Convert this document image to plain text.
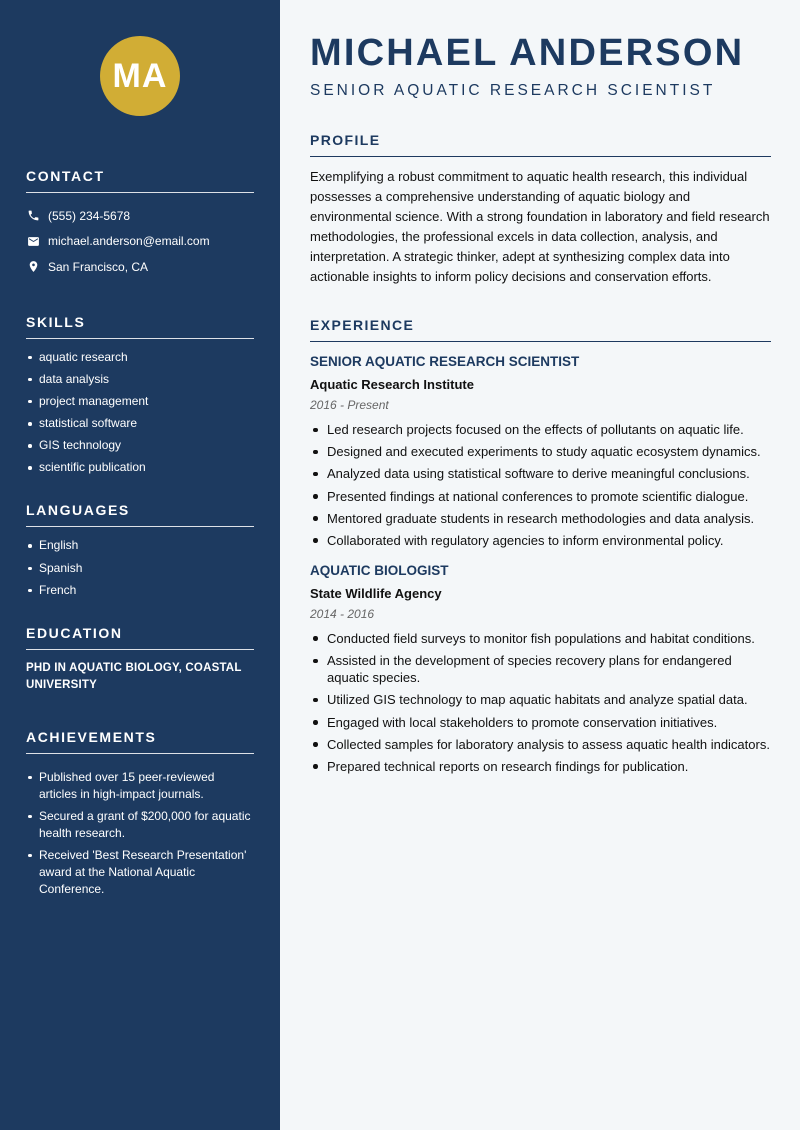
MA
CONTACT
(555) 234-5678
michael.anderson@email.com
San Francisco, CA
SKILLS
aquatic research
data analysis
project management
statistical software
GIS technology
scientific publication
LANGUAGES
English
Spanish
French
EDUCATION
PHD IN AQUATIC BIOLOGY, COASTAL UNIVERSITY
ACHIEVEMENTS
Published over 15 peer-reviewed articles in high-impact journals.
Secured a grant of $200,000 for aquatic health research.
Received 'Best Research Presentation' award at the National Aquatic Conference.
MICHAEL ANDERSON
SENIOR AQUATIC RESEARCH SCIENTIST
PROFILE

Exemplifying a robust commitment to aquatic health research, this individual possesses a comprehensive understanding of aquatic biology and environmental science. With a strong foundation in laboratory and field research methodologies, the professional excels in data collection, analysis, and interpretation. A strategic thinker, adept at synthesizing complex data into actionable insights to inform policy decisions and conservation efforts.

EXPERIENCE
SENIOR AQUATIC RESEARCH SCIENTIST
Aquatic Research Institute
2016 - Present
Led research projects focused on the effects of pollutants on aquatic life.
Designed and executed experiments to study aquatic ecosystem dynamics.
Analyzed data using statistical software to derive meaningful conclusions.
Presented findings at national conferences to promote scientific dialogue.
Mentored graduate students in research methodologies and data analysis.
Collaborated with regulatory agencies to inform environmental policy.
AQUATIC BIOLOGIST
State Wildlife Agency
2014 - 2016
Conducted field surveys to monitor fish populations and habitat conditions.
Assisted in the development of species recovery plans for endangered aquatic species.
Utilized GIS technology to map aquatic habitats and analyze spatial data.
Engaged with local stakeholders to promote conservation initiatives.
Collected samples for laboratory analysis to assess aquatic health indicators.
Prepared technical reports on research findings for publication.
